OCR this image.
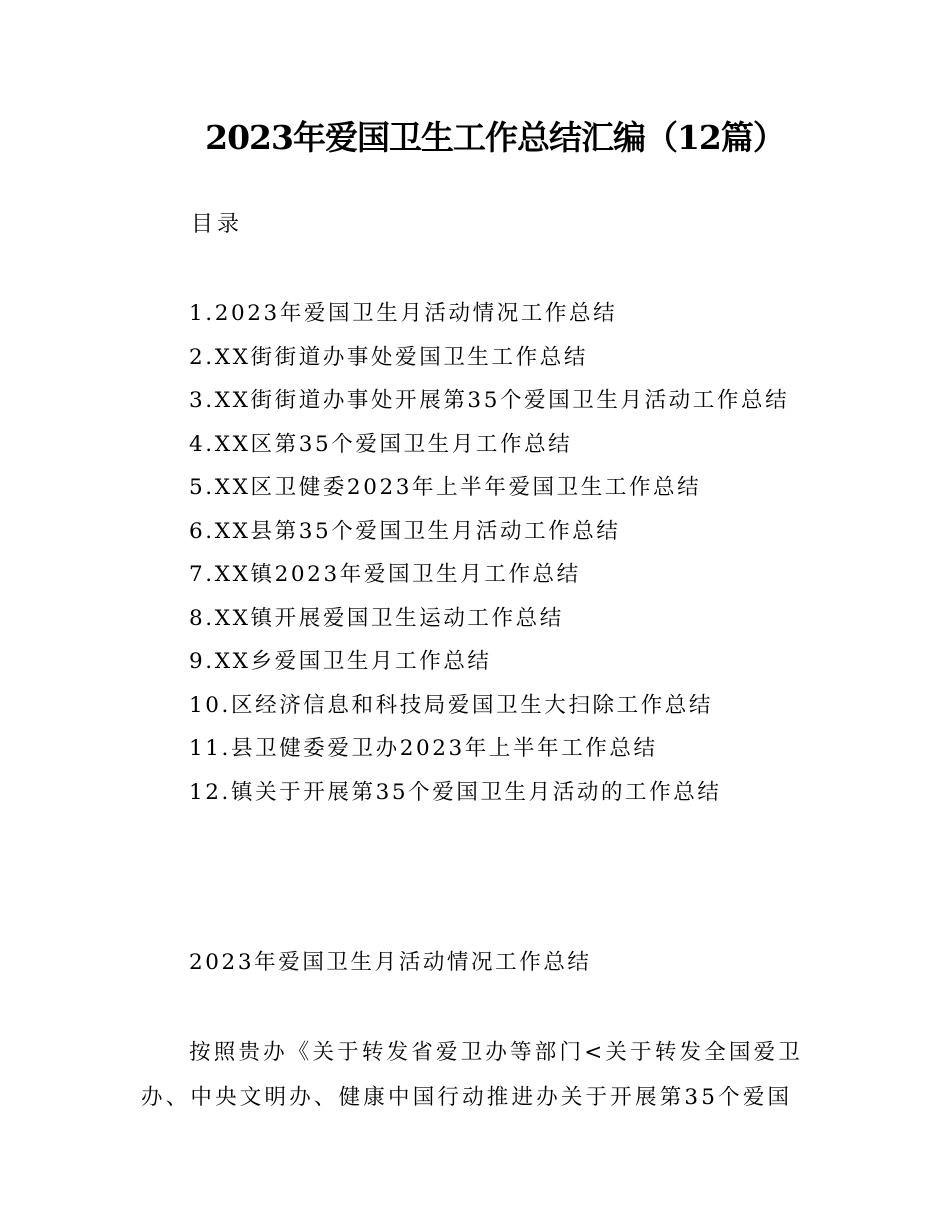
2023年爱国卫生工作总结汇编（12篇）
目录
1.2023年爱国卫生月活动情况工作总结
2.XX街街道办事处爱国卫生工作总结
3.XX街街道办事处开展第35个爱国卫生月活动工作总结
4.XX区第35个爱国卫生月工作总结
5.XX区卫健委2023年上半年爱国卫生工作总结
6.XX县第35个爱国卫生月活动工作总结
7.XX镇2023年爱国卫生月工作总结
8.XX镇开展爱国卫生运动工作总结
9.XX乡爱国卫生月工作总结
10.区经济信息和科技局爱国卫生大扫除工作总结
11.县卫健委爱卫办2023年上半年工作总结
12.镇关于开展第35个爱国卫生月活动的工作总结
2023年爱国卫生月活动情况工作总结

按照贵办《关于转发省爱卫办等部门<关于转发全国爱卫
办、中央文明办、健康中国行动推进办关于开展第35个爱国
